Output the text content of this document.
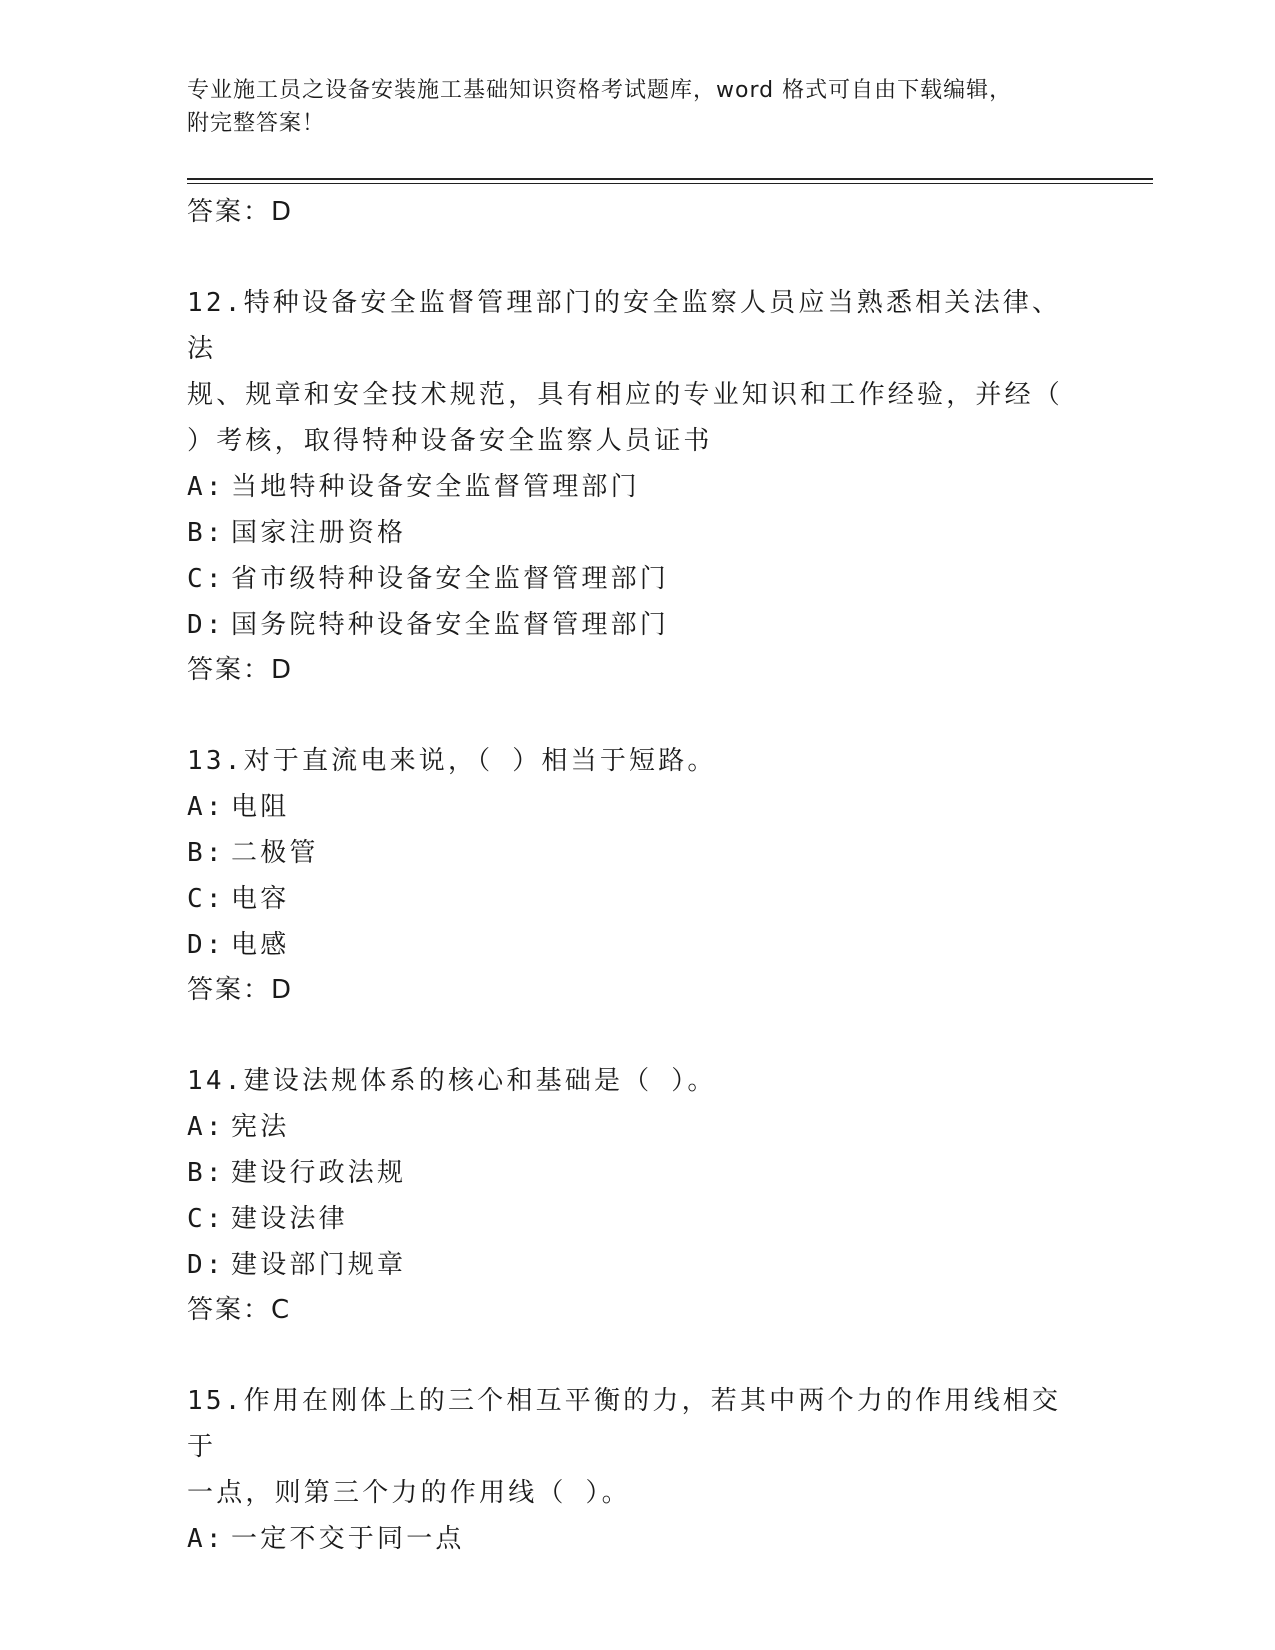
专业施工员之设备安装施工基础知识资格考试题库，word 格式可自由下载编辑，
附完整答案！
答案：D
12.特种设备安全监督管理部门的安全监察人员应当熟悉相关法律、法
规、规章和安全技术规范，具有相应的专业知识和工作经验，并经（
）考核，取得特种设备安全监察人员证书
A: 当地特种设备安全监督管理部门
B: 国家注册资格
C: 省市级特种设备安全监督管理部门
D: 国务院特种设备安全监督管理部门
答案：D
13.对于直流电来说，（ ）相当于短路。
A: 电阻
B: 二极管
C: 电容
D: 电感
答案：D
14.建设法规体系的核心和基础是（ ）。
A: 宪法
B: 建设行政法规
C: 建设法律
D: 建设部门规章
答案：C
15.作用在刚体上的三个相互平衡的力，若其中两个力的作用线相交于
一点，则第三个力的作用线（ ）。
A: 一定不交于同一点
